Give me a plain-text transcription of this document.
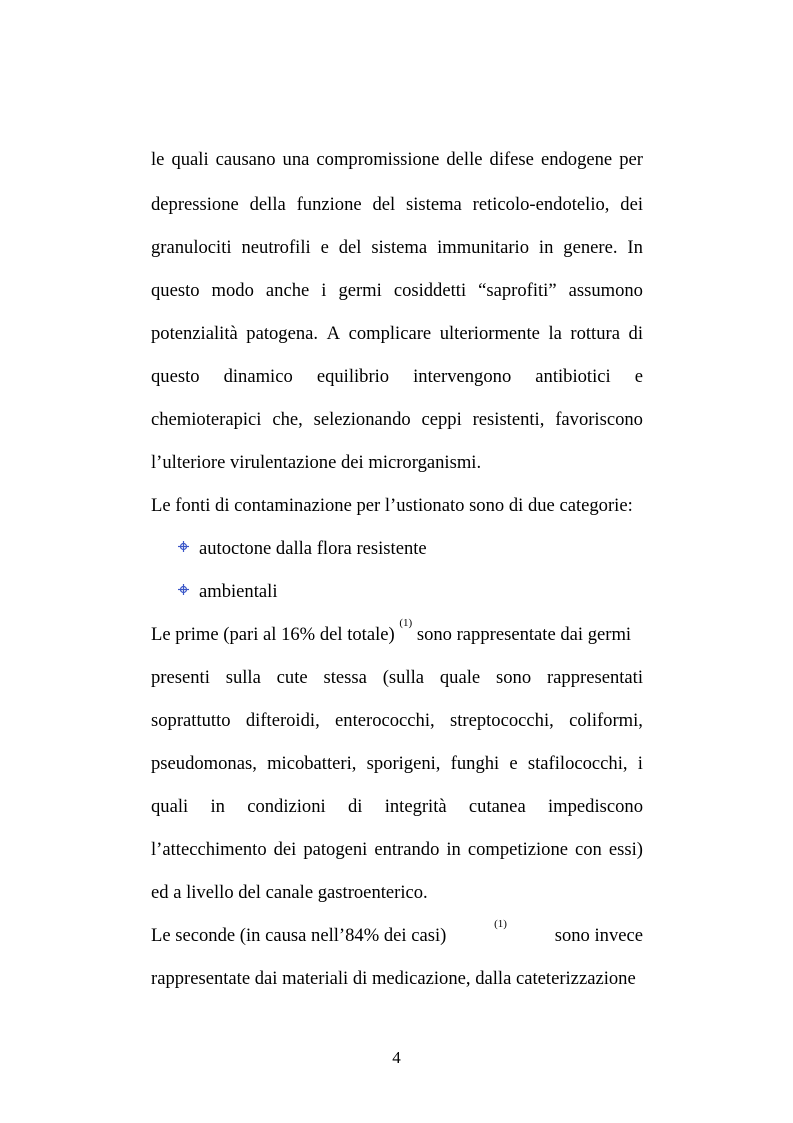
le quali causano una compromissione delle difese endogene per
depressione della funzione del sistema reticolo-endotelio, dei
granulociti neutrofili e del sistema immunitario in genere. In
questo modo anche i germi cosiddetti “saprofiti” assumono
potenzialità patogena. A complicare ulteriormente la rottura di
questo dinamico equilibrio intervengono antibiotici e
chemioterapici che, selezionando ceppi resistenti, favoriscono
l’ulteriore virulentazione dei microrganismi.
Le fonti di contaminazione per l’ustionato sono di due categorie:
autoctone dalla flora resistente
ambientali
Le prime (pari al 16% del totale)

(1)

sono rappresentate dai germi
presenti sulla cute stessa (sulla quale sono rappresentati
soprattutto difteroidi, enterococchi, streptococchi, coliformi,
pseudomonas, micobatteri, sporigeni, funghi e stafilococchi, i
quali in condizioni di integrità cutanea impediscono
l’attecchimento dei patogeni entrando in competizione con essi)
ed a livello del canale gastroenterico.
Le seconde (in causa nell’84% dei casi)
(1)
sono invece
rappresentate dai materiali di medicazione, dalla cateterizzazione
4
